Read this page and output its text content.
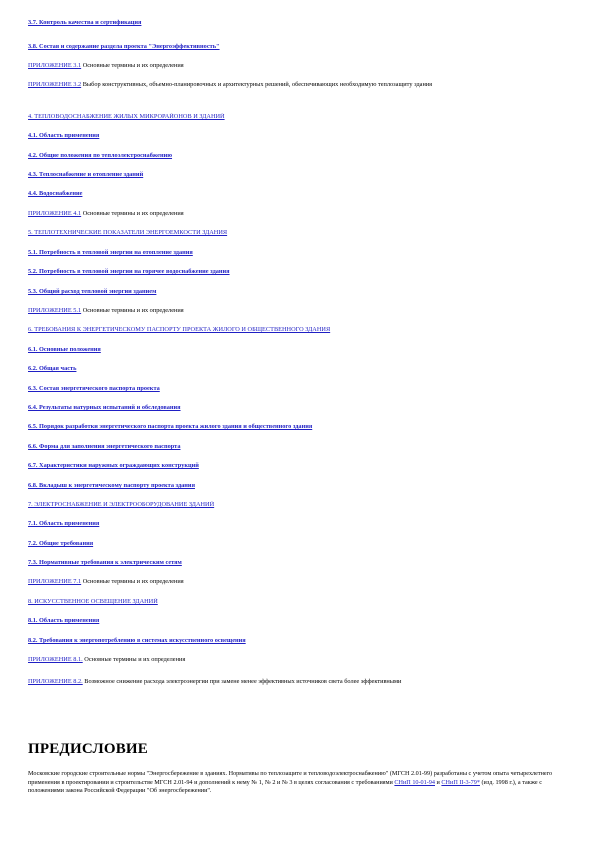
3.7. Контроль качества и сертификация
3.8. Состав и содержание раздела проекта "Энергоэффективность"
ПРИЛОЖЕНИЕ 3.1 Основные термины и их определения
ПРИЛОЖЕНИЕ 3.2 Выбор конструктивных, объемно-планировочных и архитектурных решений, обеспечивающих необходимую теплозащиту здания
4. ТЕПЛОВОДОСНАБЖЕНИЕ ЖИЛЫХ МИКРОРАЙОНОВ И ЗДАНИЙ
4.1. Область применения
4.2. Общие положения по теплоэлектроснабжению
4.3. Теплоснабжение и отопление зданий
4.4. Водоснабжение
ПРИЛОЖЕНИЕ 4.1 Основные термины и их определения
5. ТЕПЛОТЕХНИЧЕСКИЕ ПОКАЗАТЕЛИ ЭНЕРГОЕМКОСТИ ЗДАНИЯ
5.1. Потребность в тепловой энергии на отопление здания
5.2. Потребность в тепловой энергии на горячее водоснабжение здания
5.3. Общий расход тепловой энергии зданием
ПРИЛОЖЕНИЕ 5.1 Основные термины и их определения
6. ТРЕБОВАНИЯ К ЭНЕРГЕТИЧЕСКОМУ ПАСПОРТУ ПРОЕКТА ЖИЛОГО И ОБЩЕСТВЕННОГО ЗДАНИЯ
6.1. Основные положения
6.2. Общая часть
6.3. Состав энергетического паспорта проекта
6.4. Результаты натурных испытаний и обследования
6.5. Порядок разработки энергетического паспорта проекта жилого здания и общественного здания
6.6. Форма для заполнения энергетического паспорта
6.7. Характеристики наружных ограждающих конструкций
6.8. Вкладыш к энергетическому паспорту проекта здания
7. ЭЛЕКТРОСНАБЖЕНИЕ И ЭЛЕКТРООБОРУДОВАНИЕ ЗДАНИЙ
7.1. Область применения
7.2. Общие требования
7.3. Нормативные требования к электрическим сетям
ПРИЛОЖЕНИЕ 7.1 Основные термины и их определения
8. ИСКУССТВЕННОЕ ОСВЕЩЕНИЕ ЗДАНИЙ
8.1. Область применения
8.2. Требования к энергопотреблению в системах искусственного освещения
ПРИЛОЖЕНИЕ 8.1. Основные термины и их определения
ПРИЛОЖЕНИЕ 8.2. Возможное снижение расхода электроэнергии при замене менее эффективных источников света более эффективными
ПРЕДИСЛОВИЕ

Московские городские строительные нормы "Энергосбережение в зданиях. Нормативы по теплозащите и тепловодоэлектроснабжению" (МГСН 2.01-99) разработаны с учетом опыта четырехлетнего применения в проектировании и строительстве МГСН 2.01-94 и дополнений к нему № 1, № 2 и № 3 в целях согласования с требованиями СНиП 10-01-94 и СНиП II-3-79* (изд. 1998 г.), а также с положениями закона Российской Федерации "Об энергосбережении".
